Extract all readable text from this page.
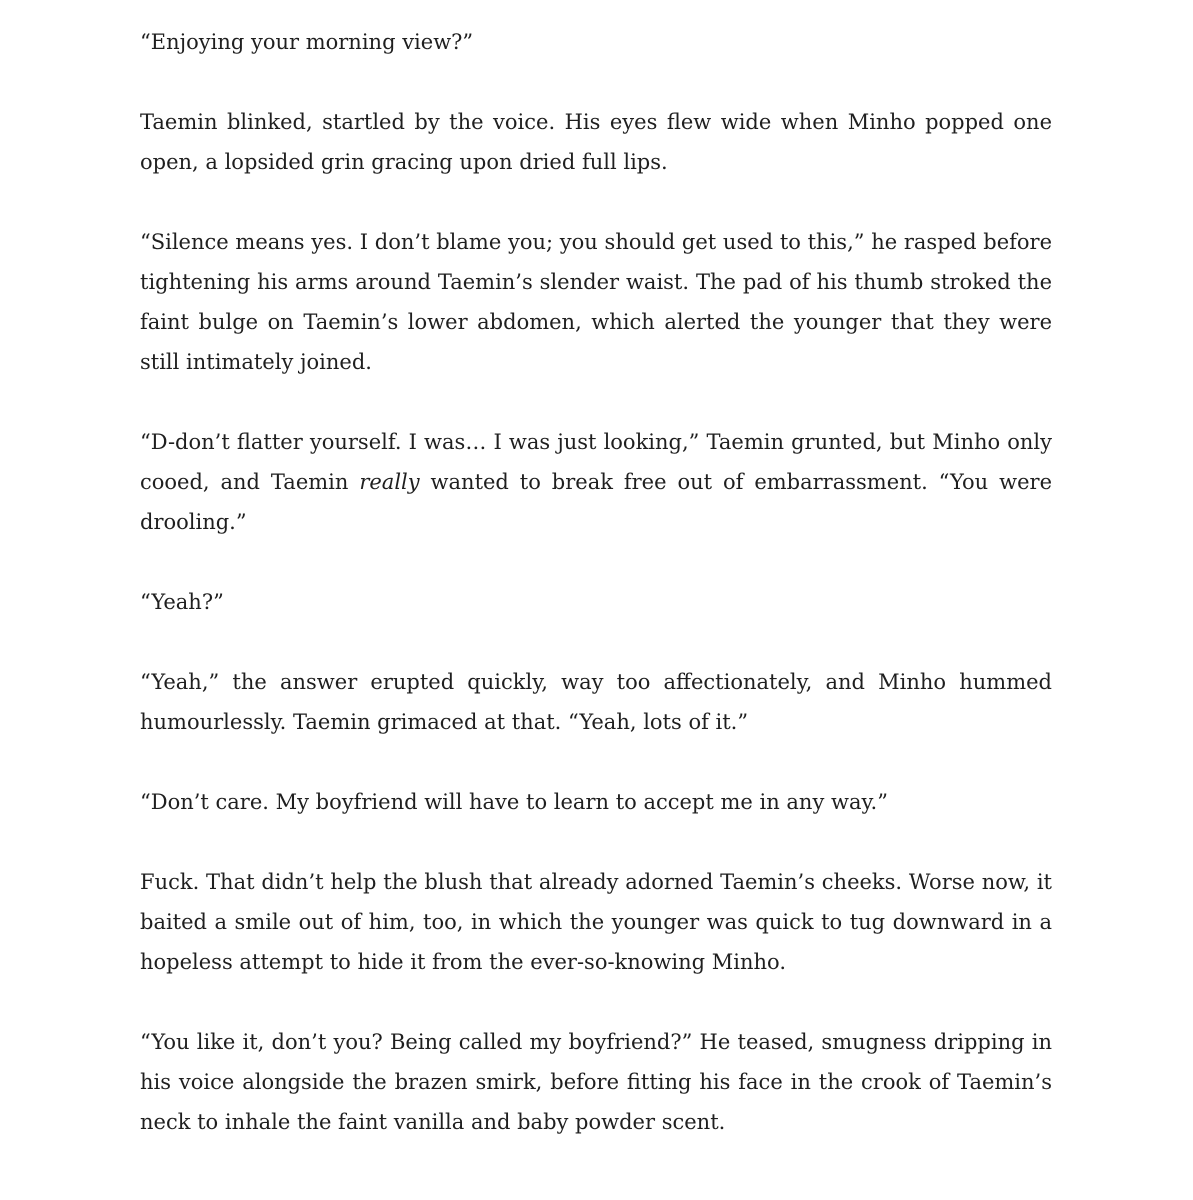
“Enjoying your morning view?”

Taemin blinked, startled by the voice. His eyes flew wide when Minho popped one open, a lopsided grin gracing upon dried full lips.

“Silence means yes. I don’t blame you; you should get used to this,” he rasped before tightening his arms around Taemin’s slender waist. The pad of his thumb stroked the faint bulge on Taemin’s lower abdomen, which alerted the younger that they were still intimately joined.

“D-don’t flatter yourself. I was… I was just looking,” Taemin grunted, but Minho only cooed, and Taemin really wanted to break free out of embarrassment. “You were drooling.”

“Yeah?”

“Yeah,” the answer erupted quickly, way too affectionately, and Minho hummed humourlessly. Taemin grimaced at that. “Yeah, lots of it.”

“Don’t care. My boyfriend will have to learn to accept me in any way.”

Fuck. That didn’t help the blush that already adorned Taemin’s cheeks. Worse now, it baited a smile out of him, too, in which the younger was quick to tug downward in a hopeless attempt to hide it from the ever-so-knowing Minho.

“You like it, don’t you? Being called my boyfriend?” He teased, smugness dripping in his voice alongside the brazen smirk, before fitting his face in the crook of Taemin’s neck to inhale the faint vanilla and baby powder scent.
